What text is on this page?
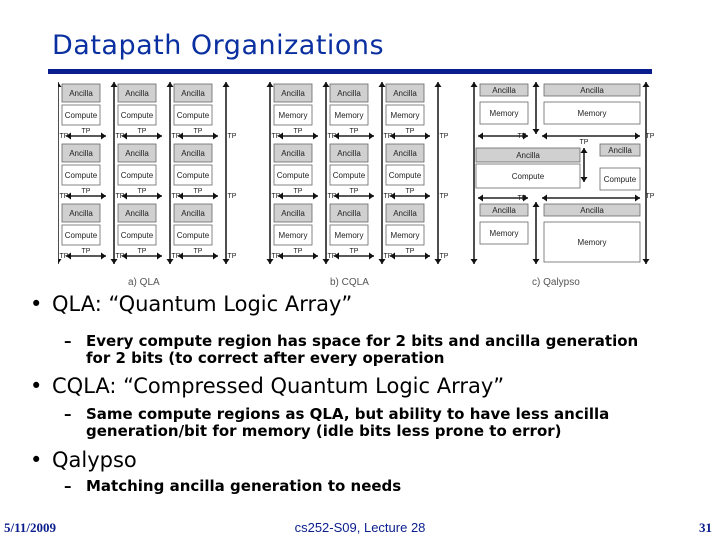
Datapath Organizations
Ancilla
Compute
Ancilla
Compute
Ancilla
Compute
Ancilla
Compute
Ancilla
Compute
Ancilla
Compute
Ancilla
Compute
Ancilla
Compute
Ancilla
Compute
Ancilla
Memory
Ancilla
Memory
Ancilla
Memory
Ancilla
Compute
Ancilla
Compute
Ancilla
Compute
Ancilla
Memory
Ancilla
Memory
Ancilla
Memory
Ancilla
Memory
Ancilla
Memory
Ancilla
Compute
Ancilla
Compute
Ancilla
Memory
Ancilla
Memory
TP	TP	TP
TP	TP	TP	TP
TP	TP	TP
TP	TP	TP	TP
TP	TP	TP
TP	TP	TP	TP
TP	TP	TP
TP	TP	TP	TP
TP	TP	TP
TP	TP	TP	TP
TP	TP	TP
TP	TP	TP	TP
TP	TP
TP
TP
TP
a) QLA	b) CQLA	c) Qalypso
• QLA: “Quantum Logic Array”
– Every compute region has space for 2 bits and ancilla generation
for 2 bits (to correct after every operation
• CQLA: “Compressed Quantum Logic Array”
– Same compute regions as QLA, but ability to have less ancilla
generation/bit for memory (idle bits less prone to error)
• Qalypso
– Matching ancilla generation to needs
5/11/2009	cs252-S09, Lecture 28	31
